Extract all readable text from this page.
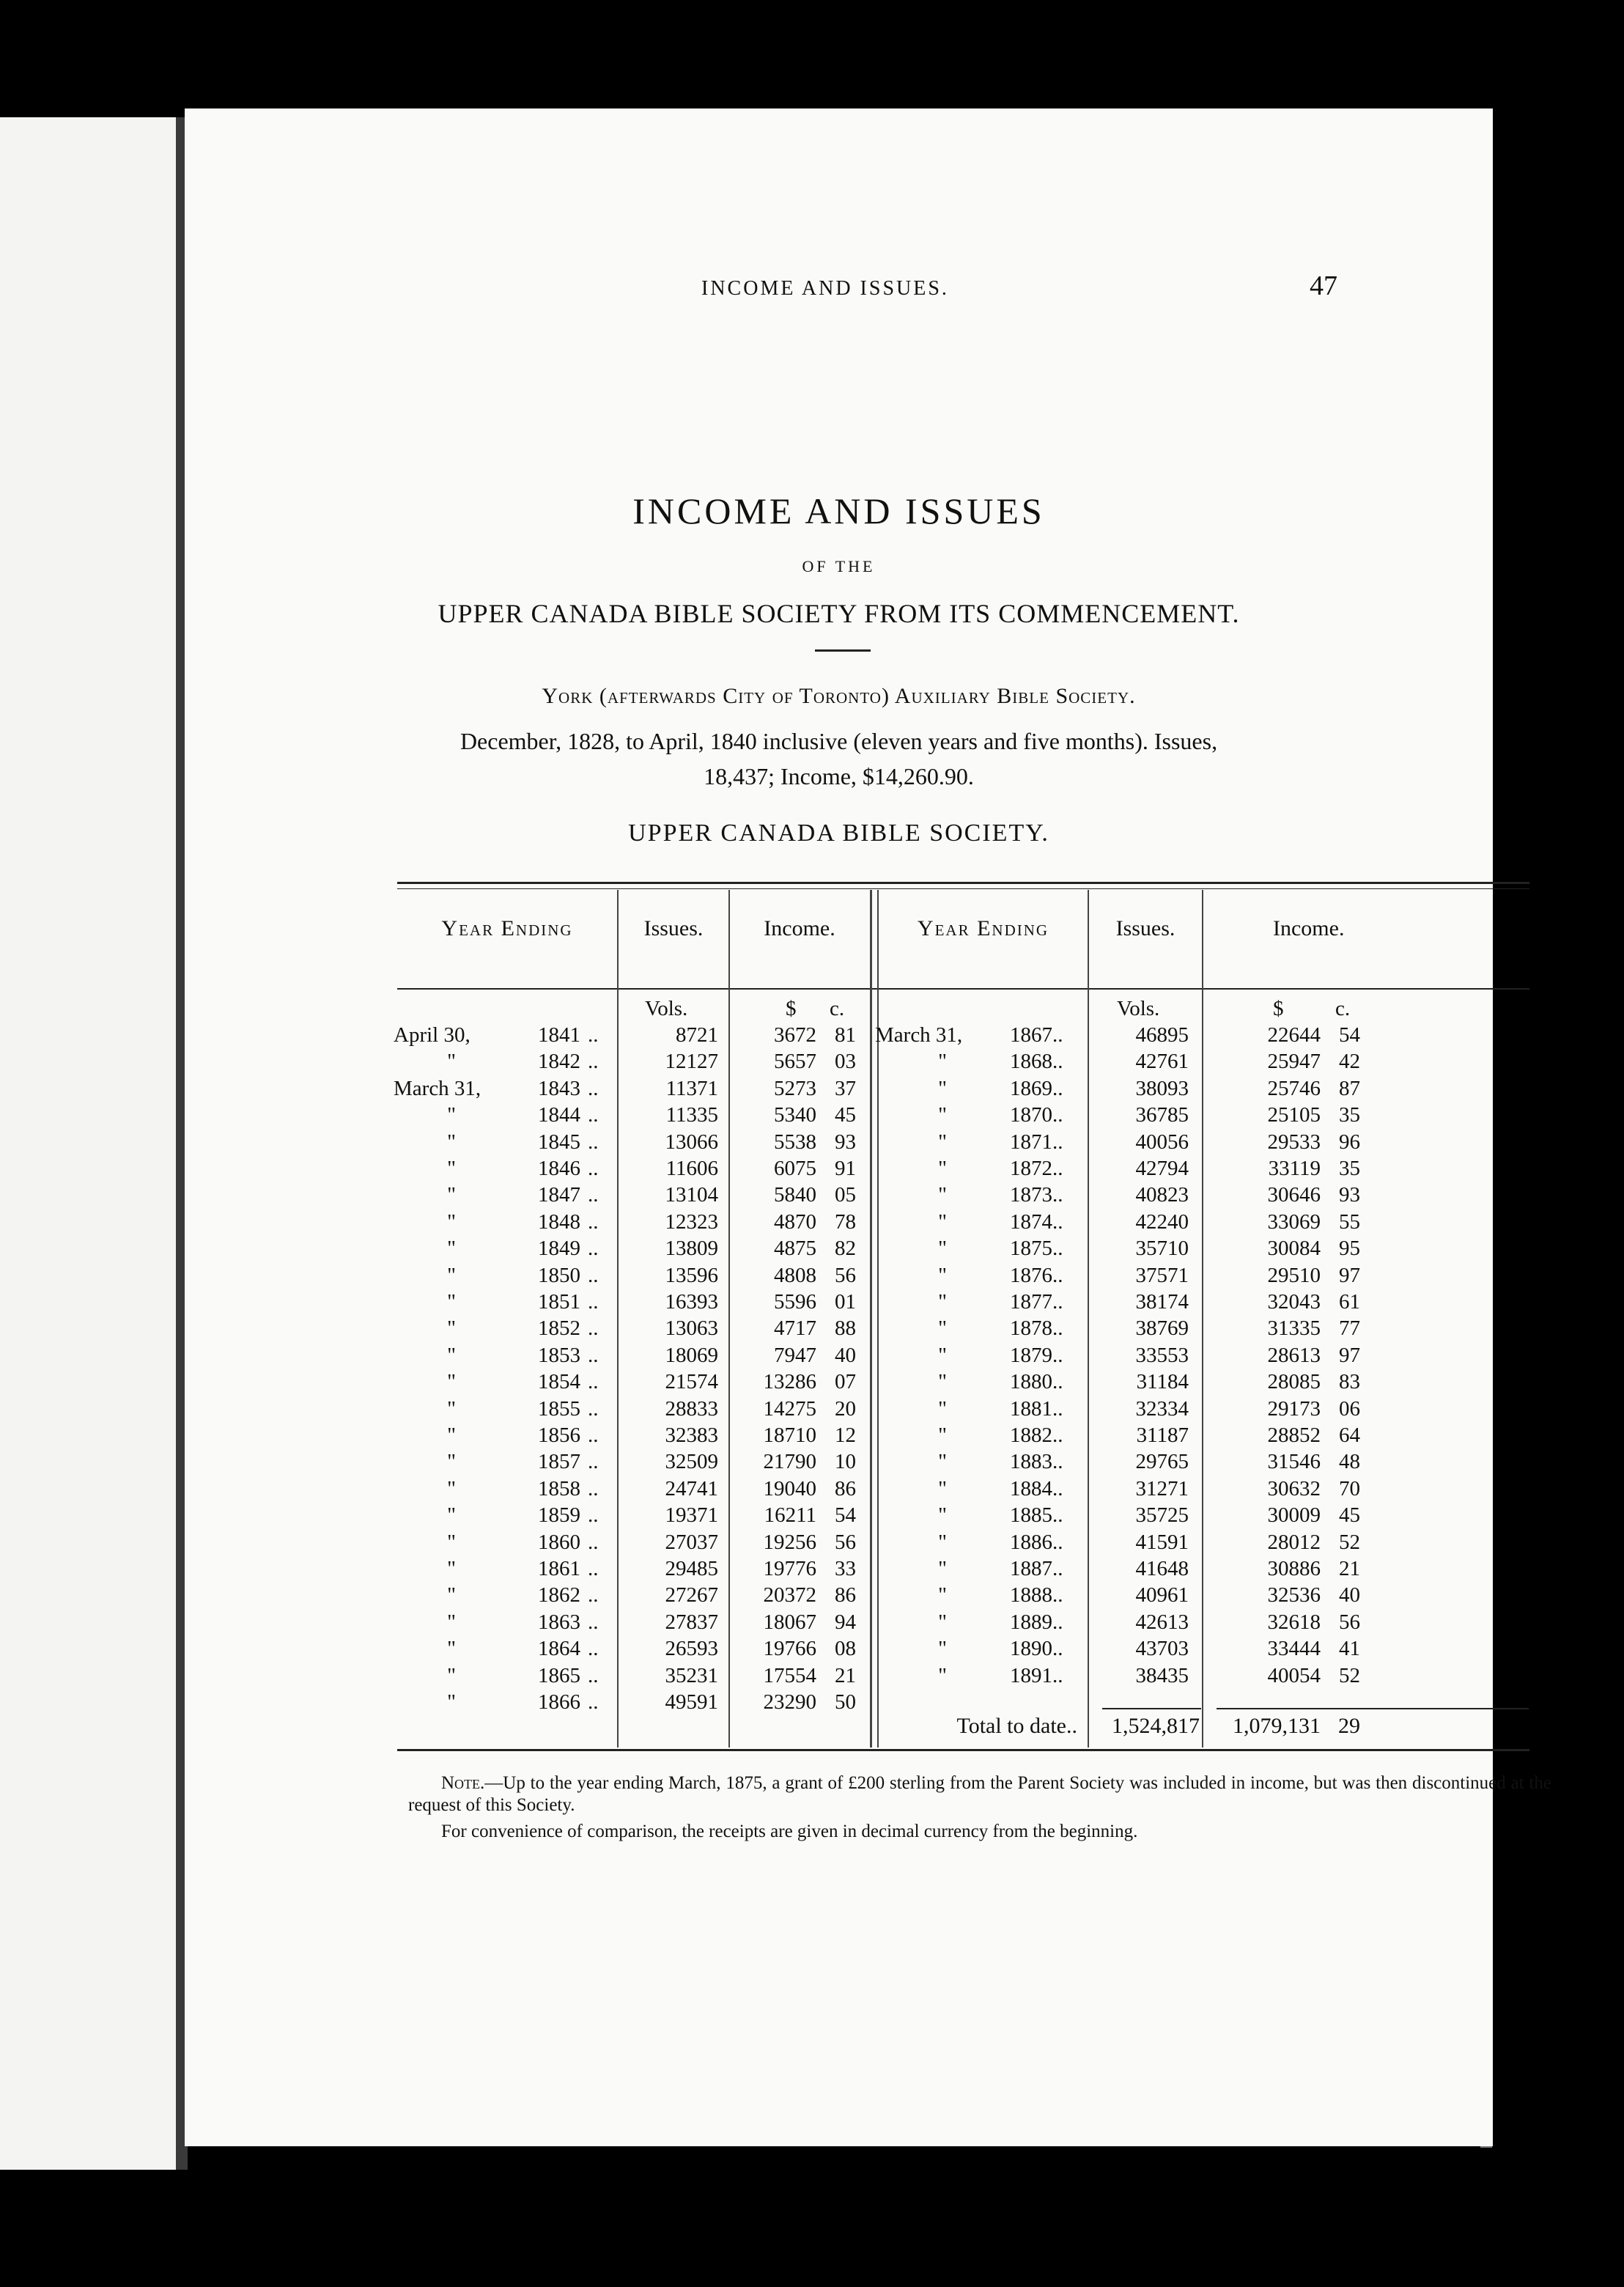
INCOME AND ISSUES.	47
INCOME AND ISSUES
OF THE
UPPER CANADA BIBLE SOCIETY FROM ITS COMMENCEMENT.
York (afterwards City of Toronto) Auxiliary Bible Society.
December, 1828, to April, 1840 inclusive (eleven years and five months). Issues,
18,437; Income, $14,260.90.
UPPER CANADA BIBLE SOCIETY.
Year Ending	Issues.	Income.	Year Ending	Issues.	Income.
Vols.	$ c.	Vols.	$ c.
April 30,	1841 ..	8721	3672 81
"	1842 ..	12127	5657 03
March 31,	1843 ..	11371	5273 37
"	1844 ..	11335	5340 45
"	1845 ..	13066	5538 93
"	1846 ..	11606	6075 91
"	1847 ..	13104	5840 05
"	1848 ..	12323	4870 78
"	1849 ..	13809	4875 82
"	1850 ..	13596	4808 56
"	1851 ..	16393	5596 01
"	1852 ..	13063	4717 88
"	1853 ..	18069	7947 40
"	1854 ..	21574	13286 07
"	1855 ..	28833	14275 20
"	1856 ..	32383	18710 12
"	1857 ..	32509	21790 10
"	1858 ..	24741	19040 86
"	1859 ..	19371	16211 54
"	1860 ..	27037	19256 56
"	1861 ..	29485	19776 33
"	1862 ..	27267	20372 86
"	1863 ..	27837	18067 94
"	1864 ..	26593	19766 08
"	1865 ..	35231	17554 21
"	1866 ..	49591	23290 50
March 31,	1867 ..	46895	22644 54
"	1868 ..	42761	25947 42
"	1869 ..	38093	25746 87
"	1870 ..	36785	25105 35
"	1871 ..	40056	29533 96
"	1872 ..	42794	33119 35
"	1873 ..	40823	30646 93
"	1874 ..	42240	33069 55
"	1875 ..	35710	30084 95
"	1876 ..	37571	29510 97
"	1877 ..	38174	32043 61
"	1878 ..	38769	31335 77
"	1879 ..	33553	28613 97
"	1880 ..	31184	28085 83
"	1881 ..	32334	29173 06
"	1882 ..	31187	28852 64
"	1883 ..	29765	31546 48
"	1884 ..	31271	30632 70
"	1885 ..	35725	30009 45
"	1886 ..	41591	28012 52
"	1887 ..	41648	30886 21
"	1888 ..	40961	32536 40
"	1889 ..	42613	32618 56
"	1890 ..	43703	33444 41
"	1891 ..	38435	40054 52
Total to date..	1,524,817	1,079,131 29
Note.—Up to the year ending March, 1875, a grant of £200 sterling from the Parent Society was included in income, but was then discontinued at the request of this Society.
For convenience of comparison, the receipts are given in decimal currency from the beginning.
